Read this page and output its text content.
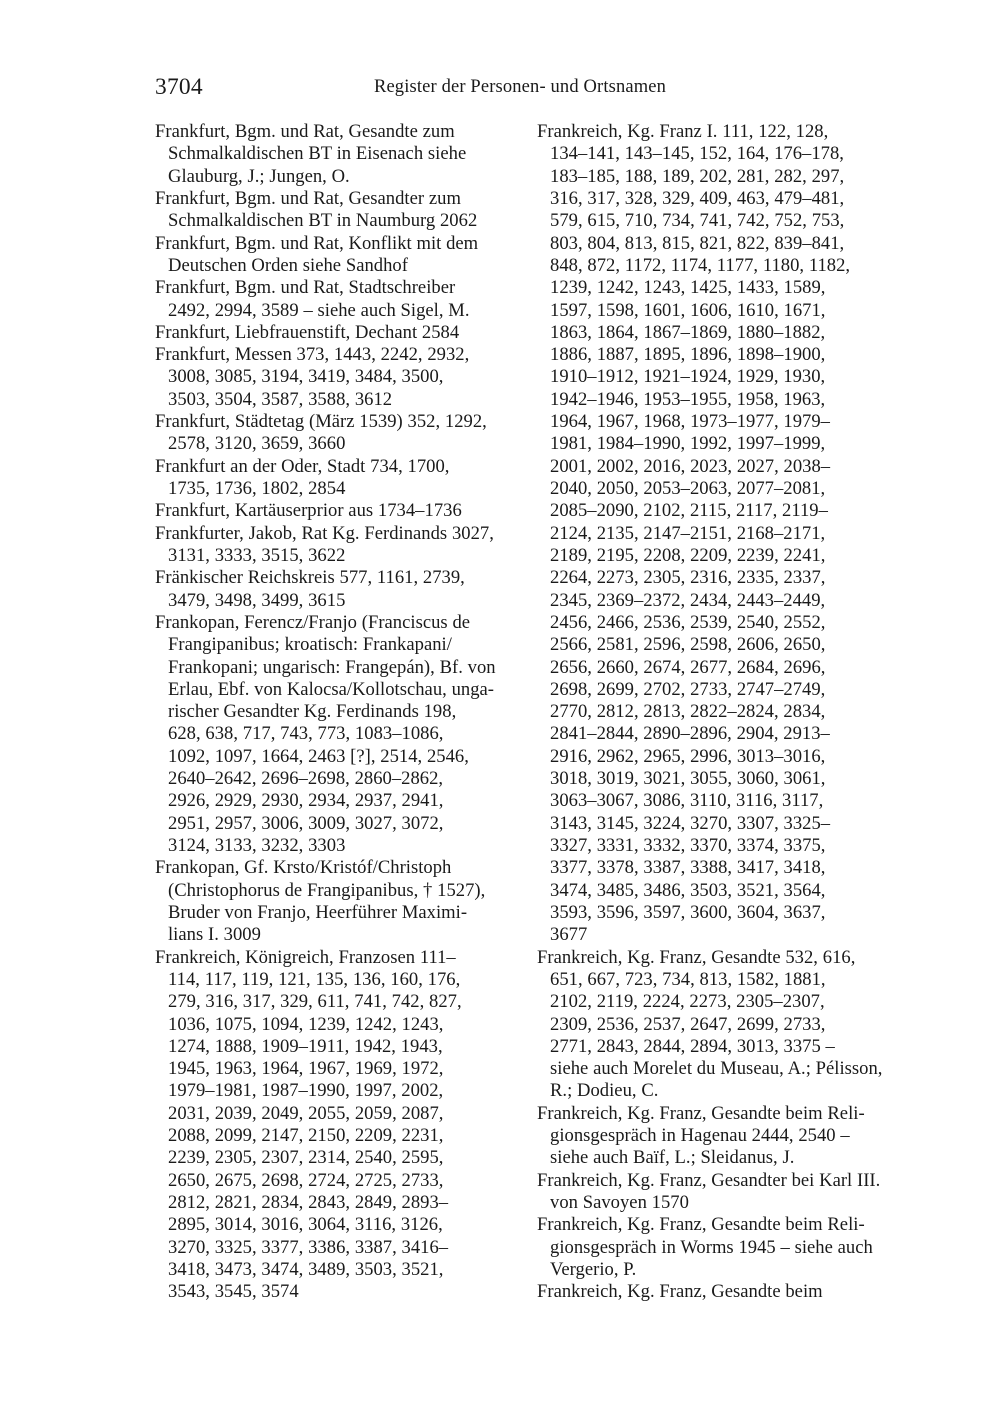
3704	Register der Personen- und Ortsnamen
Frankfurt, Bgm. und Rat, Gesandte zum
Schmalkaldischen BT in Eisenach siehe
Glauburg, J.; Jungen, O.
Frankfurt, Bgm. und Rat, Gesandter zum
Schmalkaldischen BT in Naumburg 2062
Frankfurt, Bgm. und Rat, Konflikt mit dem
Deutschen Orden siehe Sandhof
Frankfurt, Bgm. und Rat, Stadtschreiber
2492, 2994, 3589 – siehe auch Sigel, M.
Frankfurt, Liebfrauenstift, Dechant 2584
Frankfurt, Messen 373, 1443, 2242, 2932,
3008, 3085, 3194, 3419, 3484, 3500,
3503, 3504, 3587, 3588, 3612
Frankfurt, Städtetag (März 1539) 352, 1292,
2578, 3120, 3659, 3660
Frankfurt an der Oder, Stadt 734, 1700,
1735, 1736, 1802, 2854
Frankfurt, Kartäuserprior aus 1734–1736
Frankfurter, Jakob, Rat Kg. Ferdinands 3027,
3131, 3333, 3515, 3622
Fränkischer Reichskreis 577, 1161, 2739,
3479, 3498, 3499, 3615
Frankopan, Ferencz/Franjo (Franciscus de
Frangipanibus; kroatisch: Frankapani/
Frankopani; ungarisch: Frangepán), Bf. von
Erlau, Ebf. von Kalocsa/Kollotschau, unga-
rischer Gesandter Kg. Ferdinands 198,
628, 638, 717, 743, 773, 1083–1086,
1092, 1097, 1664, 2463 [?], 2514, 2546,
2640–2642, 2696–2698, 2860–2862,
2926, 2929, 2930, 2934, 2937, 2941,
2951, 2957, 3006, 3009, 3027, 3072,
3124, 3133, 3232, 3303
Frankopan, Gf. Krsto/Kristóf/Christoph
(Christophorus de Frangipanibus, † 1527),
Bruder von Franjo, Heerführer Maximi-
lians I. 3009
Frankreich, Königreich, Franzosen 111–
114, 117, 119, 121, 135, 136, 160, 176,
279, 316, 317, 329, 611, 741, 742, 827,
1036, 1075, 1094, 1239, 1242, 1243,
1274, 1888, 1909–1911, 1942, 1943,
1945, 1963, 1964, 1967, 1969, 1972,
1979–1981, 1987–1990, 1997, 2002,
2031, 2039, 2049, 2055, 2059, 2087,
2088, 2099, 2147, 2150, 2209, 2231,
2239, 2305, 2307, 2314, 2540, 2595,
2650, 2675, 2698, 2724, 2725, 2733,
2812, 2821, 2834, 2843, 2849, 2893–
2895, 3014, 3016, 3064, 3116, 3126,
3270, 3325, 3377, 3386, 3387, 3416–
3418, 3473, 3474, 3489, 3503, 3521,
3543, 3545, 3574
Frankreich, Kg. Franz I. 111, 122, 128,
134–141, 143–145, 152, 164, 176–178,
183–185, 188, 189, 202, 281, 282, 297,
316, 317, 328, 329, 409, 463, 479–481,
579, 615, 710, 734, 741, 742, 752, 753,
803, 804, 813, 815, 821, 822, 839–841,
848, 872, 1172, 1174, 1177, 1180, 1182,
1239, 1242, 1243, 1425, 1433, 1589,
1597, 1598, 1601, 1606, 1610, 1671,
1863, 1864, 1867–1869, 1880–1882,
1886, 1887, 1895, 1896, 1898–1900,
1910–1912, 1921–1924, 1929, 1930,
1942–1946, 1953–1955, 1958, 1963,
1964, 1967, 1968, 1973–1977, 1979–
1981, 1984–1990, 1992, 1997–1999,
2001, 2002, 2016, 2023, 2027, 2038–
2040, 2050, 2053–2063, 2077–2081,
2085–2090, 2102, 2115, 2117, 2119–
2124, 2135, 2147–2151, 2168–2171,
2189, 2195, 2208, 2209, 2239, 2241,
2264, 2273, 2305, 2316, 2335, 2337,
2345, 2369–2372, 2434, 2443–2449,
2456, 2466, 2536, 2539, 2540, 2552,
2566, 2581, 2596, 2598, 2606, 2650,
2656, 2660, 2674, 2677, 2684, 2696,
2698, 2699, 2702, 2733, 2747–2749,
2770, 2812, 2813, 2822–2824, 2834,
2841–2844, 2890–2896, 2904, 2913–
2916, 2962, 2965, 2996, 3013–3016,
3018, 3019, 3021, 3055, 3060, 3061,
3063–3067, 3086, 3110, 3116, 3117,
3143, 3145, 3224, 3270, 3307, 3325–
3327, 3331, 3332, 3370, 3374, 3375,
3377, 3378, 3387, 3388, 3417, 3418,
3474, 3485, 3486, 3503, 3521, 3564,
3593, 3596, 3597, 3600, 3604, 3637,
3677
Frankreich, Kg. Franz, Gesandte 532, 616,
651, 667, 723, 734, 813, 1582, 1881,
2102, 2119, 2224, 2273, 2305–2307,
2309, 2536, 2537, 2647, 2699, 2733,
2771, 2843, 2844, 2894, 3013, 3375 –
siehe auch Morelet du Museau, A.; Pélisson,
R.; Dodieu, C.
Frankreich, Kg. Franz, Gesandte beim Reli-
gionsgespräch in Hagenau 2444, 2540 –
siehe auch Baïf, L.; Sleidanus, J.
Frankreich, Kg. Franz, Gesandter bei Karl III.
von Savoyen 1570
Frankreich, Kg. Franz, Gesandte beim Reli-
gionsgespräch in Worms 1945 – siehe auch
Vergerio, P.
Frankreich, Kg. Franz, Gesandte beim
